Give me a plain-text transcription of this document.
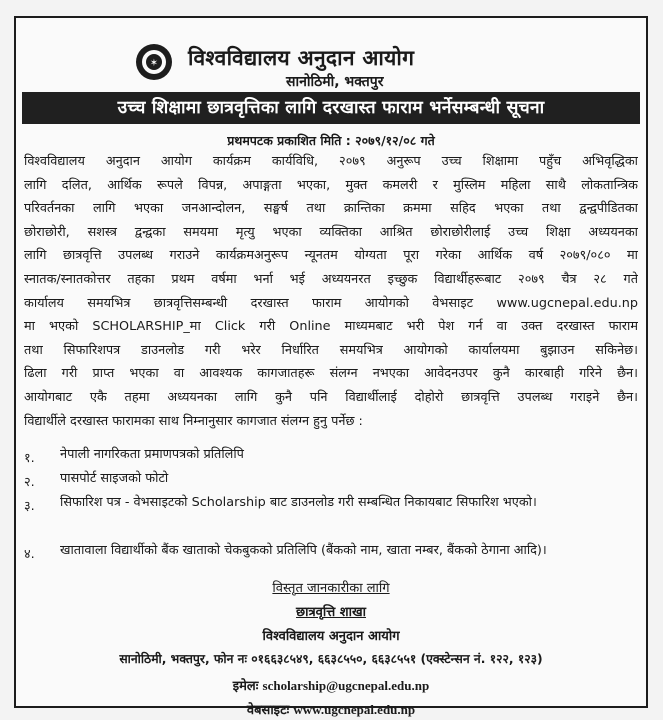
✶ विश्वविद्यालय अनुदान आयोग
सानोठिमी, भक्तपुर
उच्च शिक्षामा छात्रवृत्तिका लागि दरखास्त फाराम भर्नेसम्बन्धी सूचना
प्रथमपटक प्रकाशित मिति : २०७९/१२/०८ गते
विश्वविद्यालय अनुदान आयोग कार्यक्रम कार्यविधि, २०७९ अनुरूप उच्च शिक्षामा पहुँच अभिवृद्धिका
लागि दलित, आर्थिक रूपले विपन्न, अपाङ्गता भएका, मुक्त कमलरी र मुस्लिम महिला साथै लोकतान्त्रिक
परिवर्तनका लागि भएका जनआन्दोलन, सङ्घर्ष तथा क्रान्तिका क्रममा सहिद भएका तथा द्वन्द्वपीडितका
छोराछोरी, सशस्त्र द्वन्द्वका समयमा मृत्यु भएका व्यक्तिका आश्रित छोराछोरीलाई उच्च शिक्षा अध्ययनका
लागि छात्रवृत्ति उपलब्ध गराउने कार्यक्रमअनुरूप न्यूनतम योग्यता पूरा गरेका आर्थिक वर्ष २०७९/०८० मा
स्नातक/स्नातकोत्तर तहका प्रथम वर्षमा भर्ना भई अध्ययनरत इच्छुक विद्यार्थीहरूबाट २०७९ चैत्र २८ गते
कार्यालय समयभित्र छात्रवृत्तिसम्बन्धी दरखास्त फाराम आयोगको वेभसाइट www.ugcnepal.edu.np
मा भएको SCHOLARSHIP_मा Click गरी Online माध्यमबाट भरी पेश गर्न वा उक्त दरखास्त फाराम
तथा सिफारिशपत्र डाउनलोड गरी भरेर निर्धारित समयभित्र आयोगको कार्यालयमा बुझाउन सकिनेछ।
ढिला गरी प्राप्त भएका वा आवश्यक कागजातहरू संलग्न नभएका आवेदनउपर कुनै कारबाही गरिने छैन।
आयोगबाट एकै तहमा अध्ययनका लागि कुनै पनि विद्यार्थीलाई दोहोरो छात्रवृत्ति उपलब्ध गराइने छैन।
विद्यार्थीले दरखास्त फारामका साथ निम्नानुसार कागजात संलग्न हुनु पर्नेछ :
१.	नेपाली नागरिकता प्रमाणपत्रको प्रतिलिपि
२.	पासपोर्ट साइजको फोटो
३.	सिफारिश पत्र - वेभसाइटको Scholarship बाट डाउनलोड गरी सम्बन्धित निकायबाट सिफारिश भएको।
४.	खातावाला विद्यार्थीको बैंक खाताको चेकबुकको प्रतिलिपि (बैंकको नाम, खाता नम्बर, बैंकको ठेगाना आदि)।
विस्तृत जानकारीका लागि
छात्रवृत्ति शाखा
विश्वविद्यालय अनुदान आयोग
सानोठिमी, भक्तपुर, फोन नः ०१६६३८५४९, ६६३८५५०, ६६३८५५१ (एक्स्टेन्सन नं. १२२, १२३)
इमेलः scholarship@ugcnepal.edu.np
वेबसाइटः www.ugcnepal.edu.np
